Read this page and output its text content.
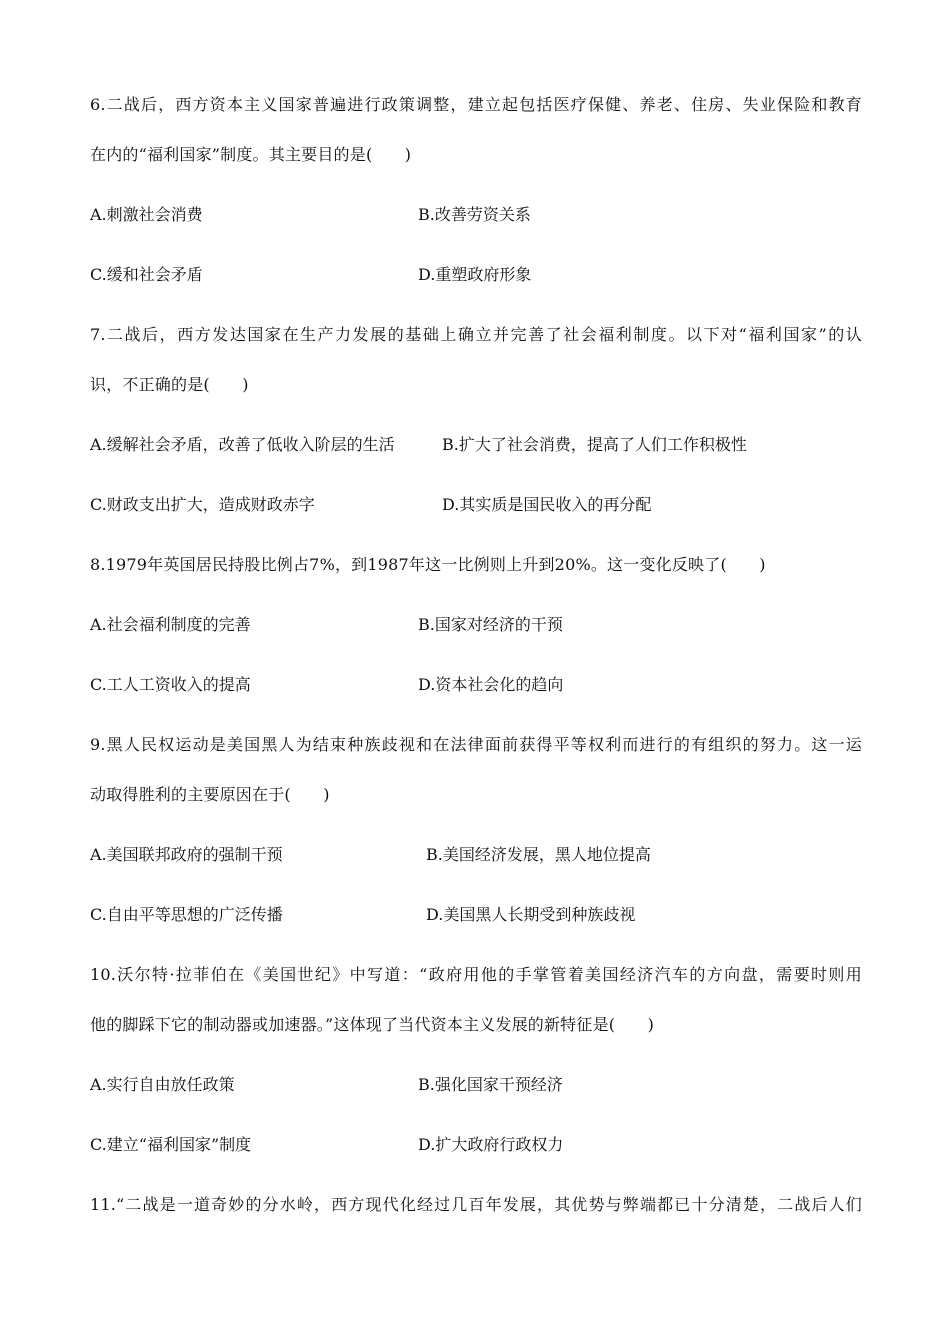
6.二战后，西方资本主义国家普遍进行政策调整，建立起包括医疗保健、养老、住房、失业保险和教育
在内的“福利国家”制度。其主要目的是(　　)
A.刺激社会消费	B.改善劳资关系
C.缓和社会矛盾	D.重塑政府形象
7.二战后，西方发达国家在生产力发展的基础上确立并完善了社会福利制度。以下对“福利国家”的认
识，不正确的是(　　)
A.缓解社会矛盾，改善了低收入阶层的生活	B.扩大了社会消费，提高了人们工作积极性
C.财政支出扩大，造成财政赤字	D.其实质是国民收入的再分配
8.1979年英国居民持股比例占7%，到1987年这一比例则上升到20%。这一变化反映了(　　)
A.社会福利制度的完善	B.国家对经济的干预
C.工人工资收入的提高	D.资本社会化的趋向
9.黑人民权运动是美国黑人为结束种族歧视和在法律面前获得平等权利而进行的有组织的努力。这一运
动取得胜利的主要原因在于(　　)
A.美国联邦政府的强制干预	B.美国经济发展，黑人地位提高
C.自由平等思想的广泛传播	D.美国黑人长期受到种族歧视
10.沃尔特·拉菲伯在《美国世纪》中写道：“政府用他的手掌管着美国经济汽车的方向盘，需要时则用
他的脚踩下它的制动器或加速器。”这体现了当代资本主义发展的新特征是(　　)
A.实行自由放任政策	B.强化国家干预经济
C.建立“福利国家”制度	D.扩大政府行政权力
11.“二战是一道奇妙的分水岭，西方现代化经过几百年发展，其优势与弊端都已十分清楚，二战后人们
